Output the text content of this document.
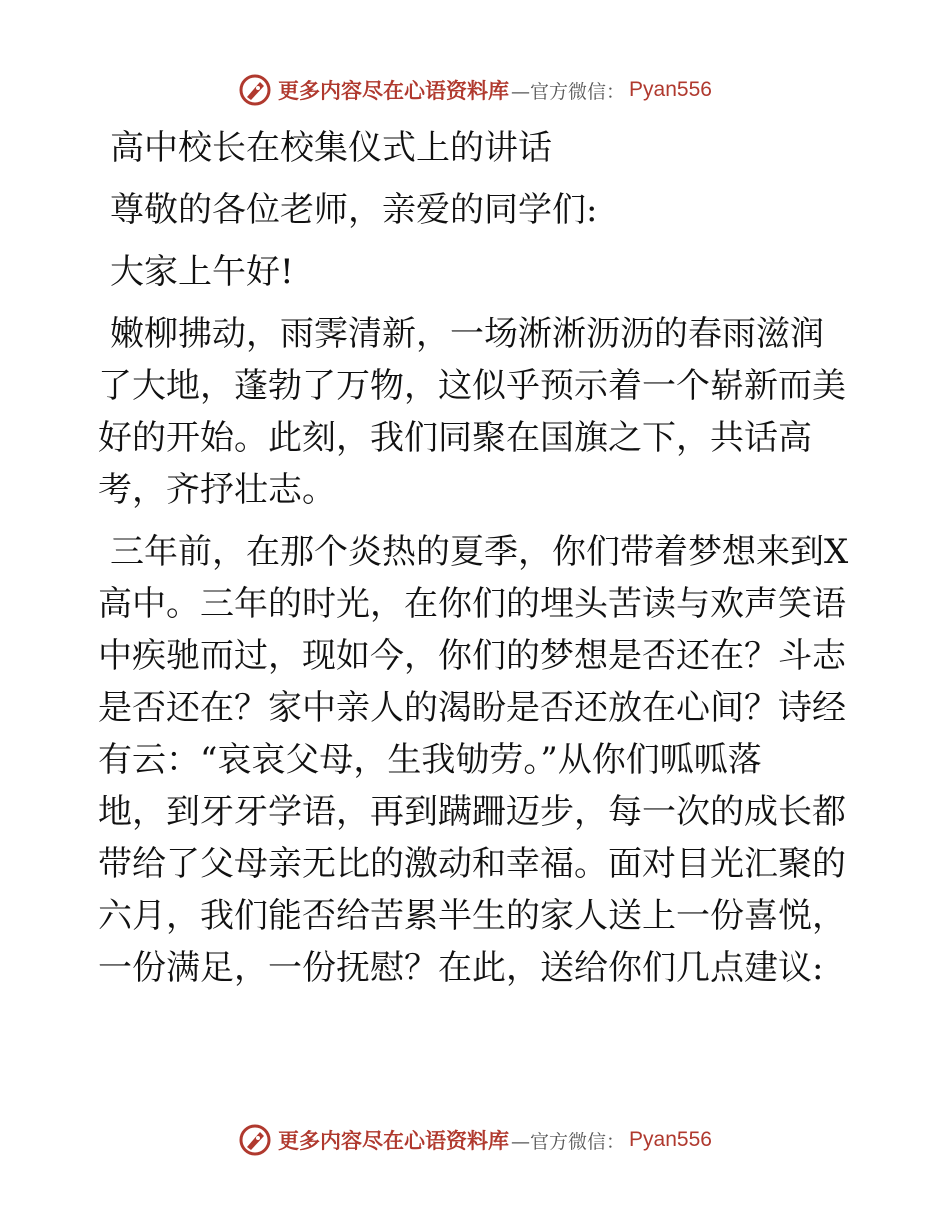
更多内容尽在心语资料库 —官方微信： Pyan556

高中校长在校集仪式上的讲话

尊敬的各位老师，亲爱的同学们:

大家上午好!

嫩柳拂动，雨霁清新，一场淅淅沥沥的春雨滋润

了大地，蓬勃了万物，这似乎预示着一个崭新而美

好的开始。此刻，我们同聚在国旗之下，共话高

考，齐抒壮志。

三年前，在那个炎热的夏季，你们带着梦想来到X

高中。三年的时光，在你们的埋头苦读与欢声笑语

中疾驰而过，现如今，你们的梦想是否还在？斗志

是否还在？家中亲人的渴盼是否还放在心间？诗经

有云：“哀哀父母，生我劬劳。”从你们呱呱落

地，到牙牙学语，再到蹒跚迈步，每一次的成长都

带给了父母亲无比的激动和幸福。面对目光汇聚的

六月，我们能否给苦累半生的家人送上一份喜悦，

一份满足，一份抚慰？在此，送给你们几点建议:

更多内容尽在心语资料库 —官方微信： Pyan556
